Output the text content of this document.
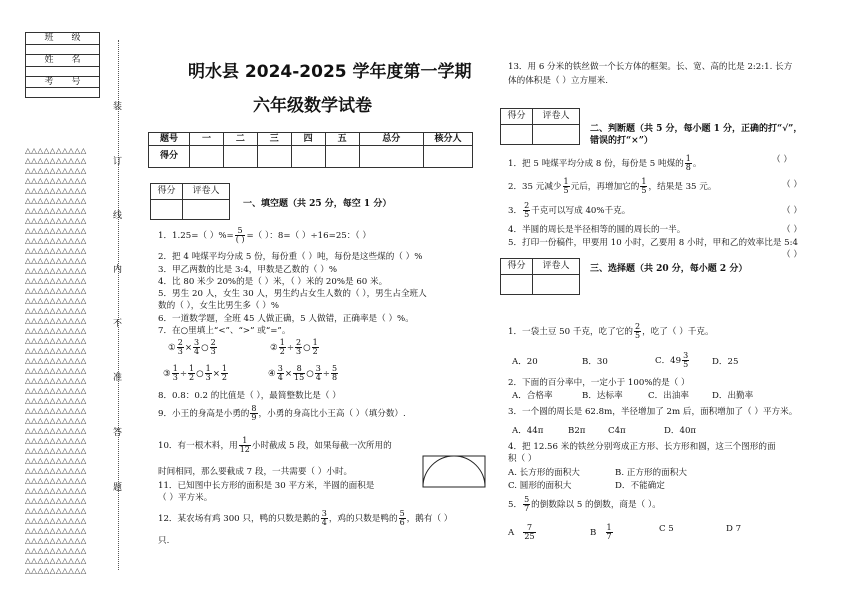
班　　级

姓　　名

考　　号

△△△△△△△△△△
△△△△△△△△△△
△△△△△△△△△△
△△△△△△△△△△
△△△△△△△△△△
△△△△△△△△△△
△△△△△△△△△△
△△△△△△△△△△
△△△△△△△△△△
△△△△△△△△△△
△△△△△△△△△△
△△△△△△△△△△
△△△△△△△△△△
△△△△△△△△△△
△△△△△△△△△△
△△△△△△△△△△
△△△△△△△△△△
△△△△△△△△△△
△△△△△△△△△△
△△△△△△△△△△
△△△△△△△△△△
△△△△△△△△△△
△△△△△△△△△△
△△△△△△△△△△
△△△△△△△△△△
△△△△△△△△△△
△△△△△△△△△△
△△△△△△△△△△
△△△△△△△△△△
△△△△△△△△△△
△△△△△△△△△△
△△△△△△△△△△
△△△△△△△△△△
△△△△△△△△△△
△△△△△△△△△△
△△△△△△△△△△
△△△△△△△△△△
△△△△△△△△△△
△△△△△△△△△△
△△△△△△△△△△
△△△△△△△△△△
△△△△△△△△△△
△△△△△△△△△△
装
订
线
内
不
准
答
题
明水县 2024-2025 学年度第一学期
六年级数学试卷
题号	一	二	三	四	五	总分	核分人
得分							
得分	评卷人

一、填空题（共 25 分，每空 1 分）
1．1.25=（ ）%= $\frac{5}{( )}$ =（ ）：8=（ ）÷16=25：（ ）
2．把 4 吨煤平均分成 5 份，每份重（ ）吨，每份是这些煤的（ ）%
3．甲乙两数的比是 3:4，甲数是乙数的（ ）%
4．比 80 米少 20%的是（ ）米，（ ）米的 20%是 60 米。
5．男生 20 人，女生 30 人，男生约占女生人数的（ ），男生占全班人
数的（ ），女生比男生多（ ）%
6．一道数学题，全班 45 人做正确，5 人做错，正确率是（ ）%。
7．在○里填上“<”、“>” 或“=”。
① $\frac{2}{3} \times \frac{3}{4}$ ○ $\frac{2}{3}$	② $\frac{1}{2} \div \frac{2}{3}$ ○ $\frac{1}{2}$
③ $\frac{1}{3} \div \frac{1}{2}$ ○ $\frac{1}{3} \times \frac{1}{2}$	④ $\frac{3}{4} \times \frac{8}{15}$ ○ $\frac{3}{4} \div \frac{5}{8}$
8．0.8：0.2 的比值是（ ），最简整数比是（ ）
9．小王的身高是小勇的 $\frac{8}{9}$ ，小勇的身高比小王高（ ）（填分数）.
10．有一根木料，用 $\frac{1}{12}$ 小时截成 5 段，如果每截一次所用的
时间相同，那么要截成 7 段，一共需要（ ）小时。
11．已知图中长方形的面积是 30 平方米，半圆的面积是
（ ）平方米。
12．某农场有鸡 300 只，鸭的只数是鹅的 $\frac{3}{4}$ ，鸡的只数是鸭的 $\frac{5}{6}$ ，鹅有（ ）
只.
13．用 6 分米的铁丝做一个长方体的框架。长、宽、高的比是 2:2:1. 长方
体的体积是（ ）立方厘米.
得分	评卷人

二、判断题（共 5 分，每小题 1 分，正确的打“√”，
错误的打“×”）
1．把 5 吨煤平均分成 8 份，每份是 5 吨煤的 $\frac{1}{8}$ 。	（ ）
2．35 元减少 $\frac{1}{5}$ 元后，再增加它的 $\frac{1}{5}$ ，结果是 35 元。	（ ）
3． $\frac{2}{5}$ 千克可以写成 40%千克。	（ ）
4．半圆的周长是半径相等的圆的周长的一半。	（ ）
5．打印一份稿件，甲要用 10 小时，乙要用 8 小时，甲和乙的效率比是 5:4
（ ）
得分	评卷人
	三、选择题（共 20 分，每小题 2 分）
1．一袋土豆 50 千克，吃了它的 $\frac{2}{5}$ ，吃了（ ）千克。
A．20	B．30	C．$49 \frac{3}{5}$	D．25
2．下面的百分率中，一定小于 100%的是（ ）
A．合格率	B．达标率	C．出油率	D．出勤率
3．一个圆的周长是 62.8m，半径增加了 2m 后，面积增加了（ ）平方米。
A．44π	B2π	C4π	D．40π
4．把 12.56 米的铁丝分别弯成正方形、长方形和圆，这三个图形的面
积（ ）
A. 长方形的面积大	B. 正方形的面积大
C. 圆形的面积大	D．不能确定
5． $\frac{5}{7}$ 的倒数除以 5 的倒数，商是（ ）。
A $\frac{7}{25}$	B $\frac{1}{7}$	C 5	D 7
